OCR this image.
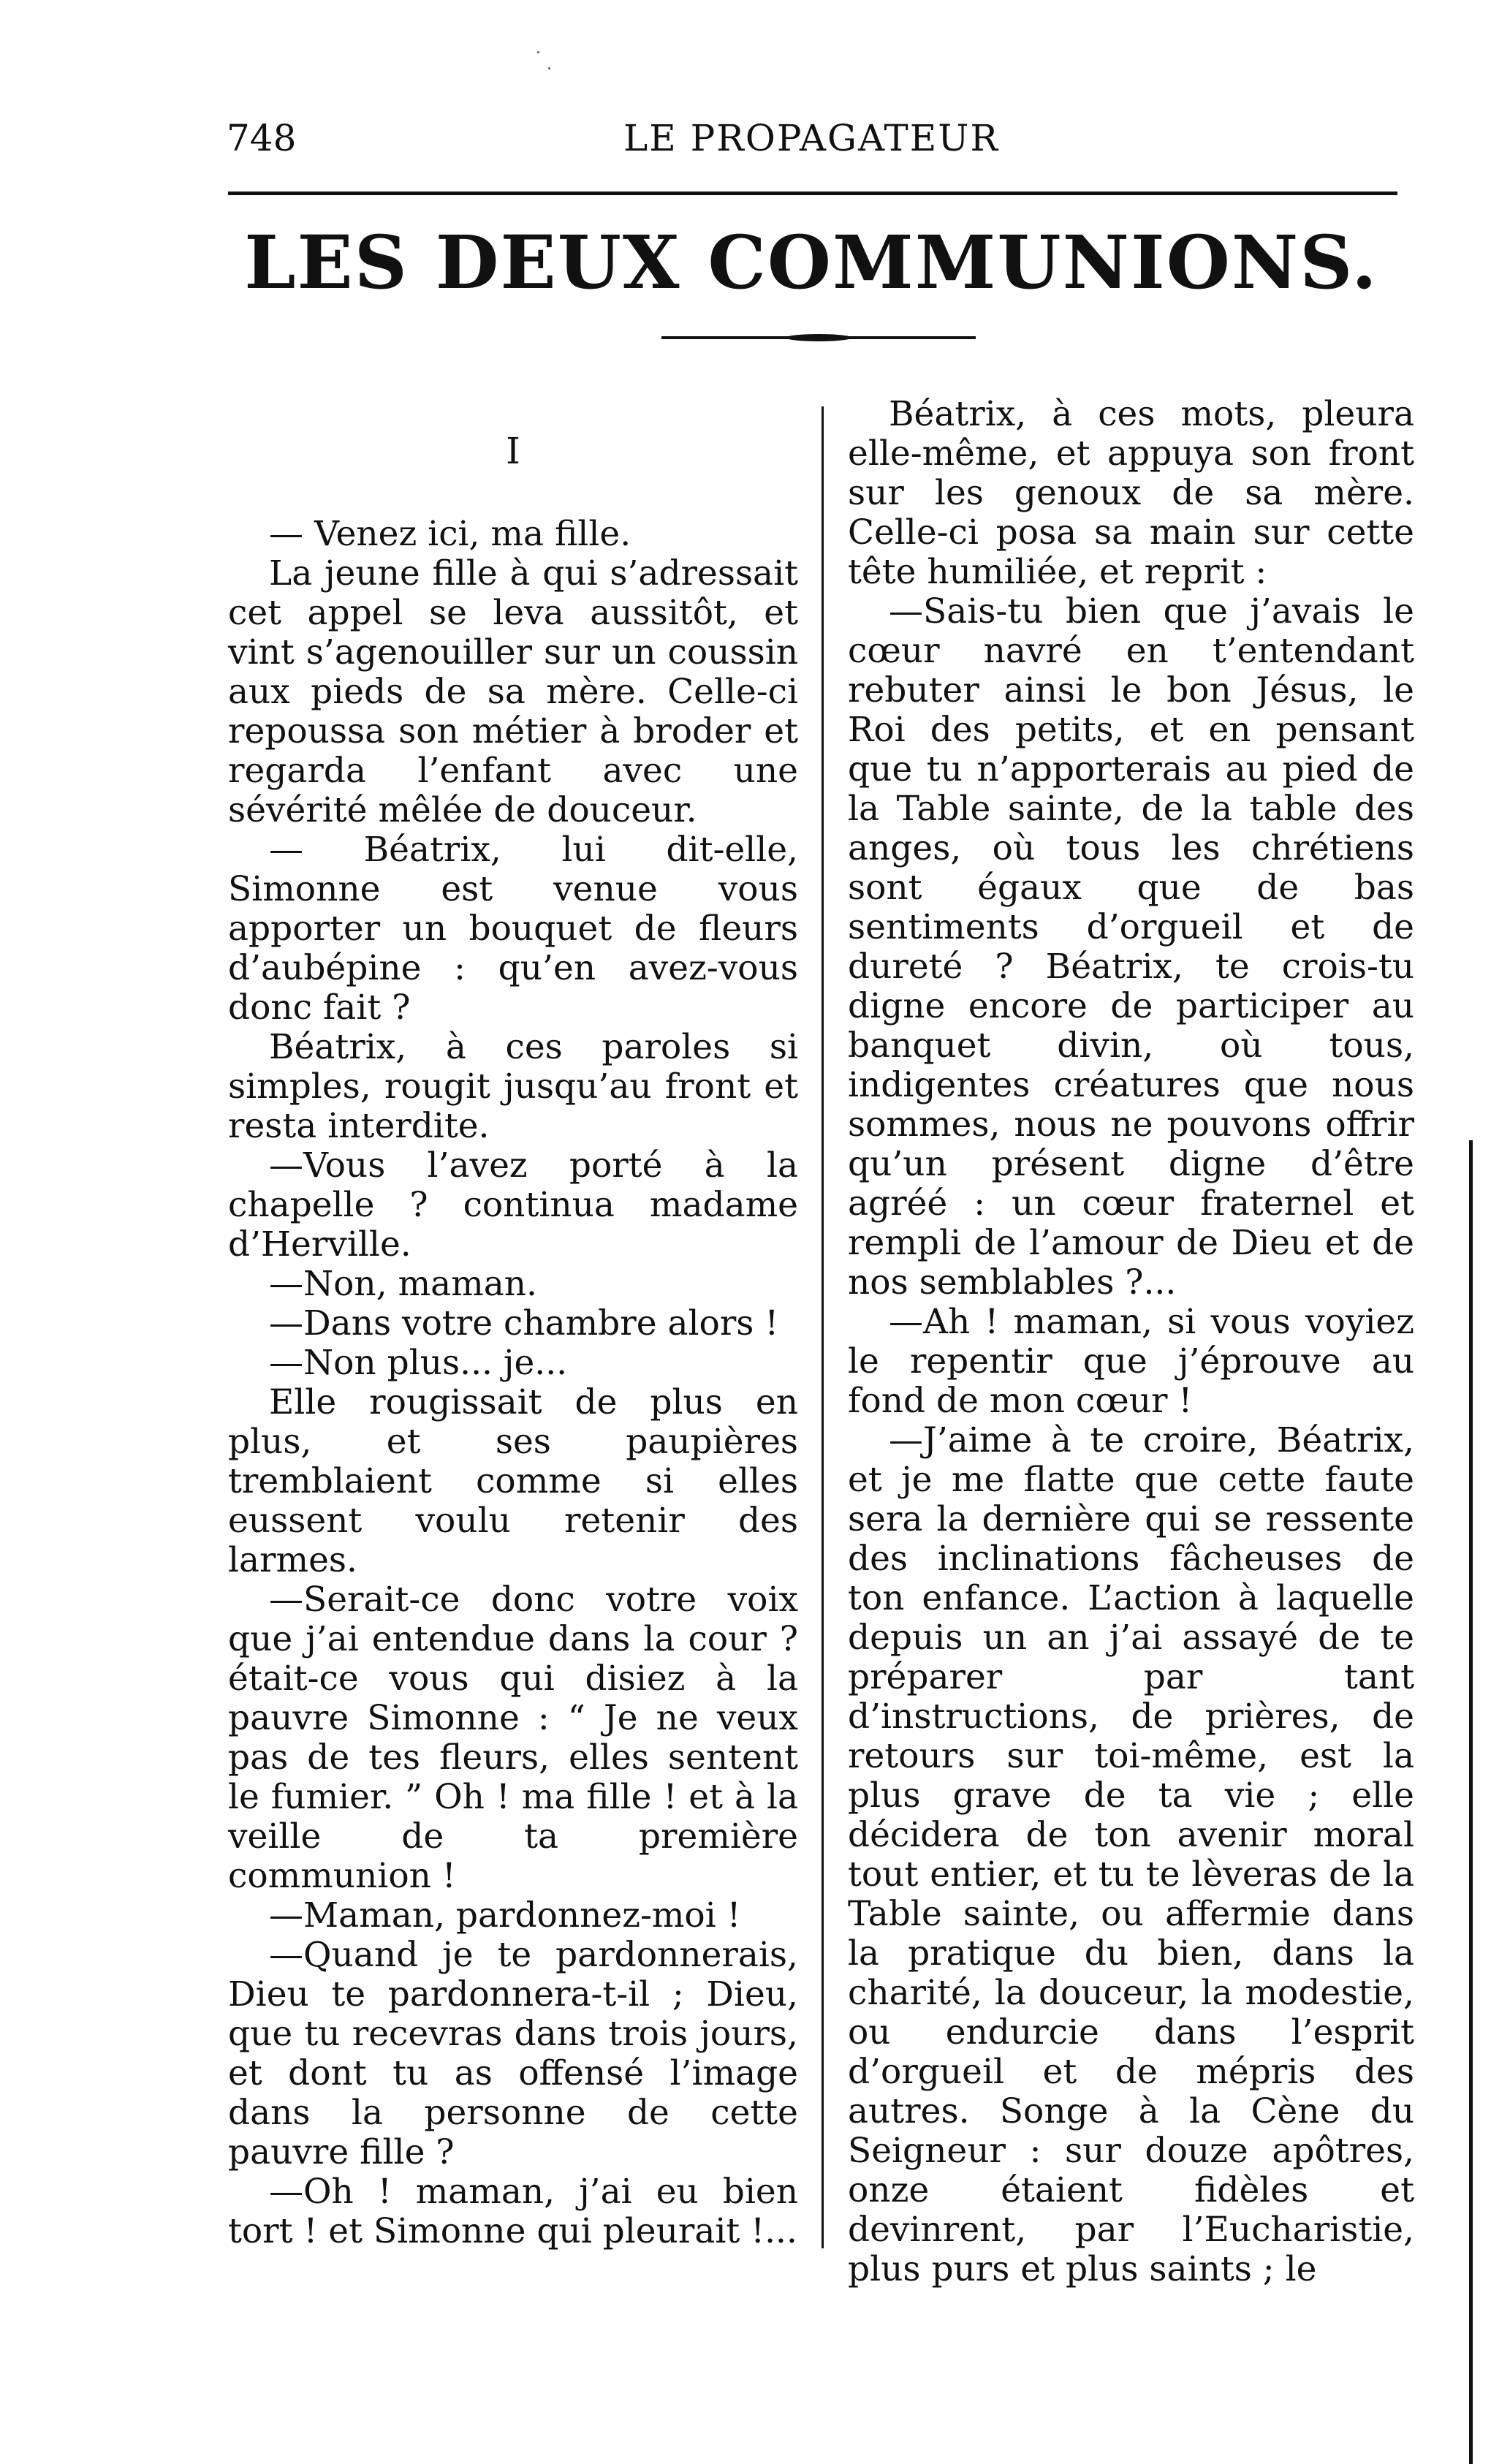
748	LE PROPAGATEUR
LES DEUX COMMUNIONS.
I

— Venez ici, ma fille.

La jeune fille à qui s’adressait cet appel se leva aussitôt, et vint s’agenouiller sur un coussin aux pieds de sa mère. Celle-ci repoussa son métier à broder et regarda l’enfant avec une sévérité mêlée de douceur.

— Béatrix, lui dit-elle, Simonne est venue vous apporter un bouquet de fleurs d’aubépine : qu’en avez-vous donc fait ?

Béatrix, à ces paroles si simples, rougit jusqu’au front et resta interdite.

—Vous l’avez porté à la chapelle ? continua madame d’Herville.

—Non, maman.

—Dans votre chambre alors !

—Non plus... je...

Elle rougissait de plus en plus, et ses paupières tremblaient comme si elles eussent voulu retenir des larmes.

—Serait-ce donc votre voix que j’ai entendue dans la cour ? était-ce vous qui disiez à la pauvre Simonne : “ Je ne veux pas de tes fleurs, elles sentent le fumier. ” Oh ! ma fille ! et à la veille de ta première communion !

—Maman, pardonnez-moi !

—Quand je te pardonnerais, Dieu te pardonnera-t-il ; Dieu, que tu recevras dans trois jours, et dont tu as offensé l’image dans la personne de cette pauvre fille ?

—Oh ! maman, j’ai eu bien tort ! et Simonne qui pleurait !...

Béatrix, à ces mots, pleura elle-même, et appuya son front sur les genoux de sa mère. Celle-ci posa sa main sur cette tête humiliée, et reprit :

—Sais-tu bien que j’avais le cœur navré en t’entendant rebuter ainsi le bon Jésus, le Roi des petits, et en pensant que tu n’apporterais au pied de la Table sainte, de la table des anges, où tous les chrétiens sont égaux que de bas sentiments d’orgueil et de dureté ? Béatrix, te crois-tu digne encore de participer au banquet divin, où tous, indigentes créatures que nous sommes, nous ne pouvons offrir qu’un présent digne d’être agréé : un cœur fraternel et rempli de l’amour de Dieu et de nos semblables ?...

—Ah ! maman, si vous voyiez le repentir que j’éprouve au fond de mon cœur !

—J’aime à te croire, Béatrix, et je me flatte que cette faute sera la dernière qui se ressente des inclinations fâcheuses de ton enfance. L’action à laquelle depuis un an j’ai assayé de te préparer par tant d’instructions, de prières, de retours sur toi-même, est la plus grave de ta vie ; elle décidera de ton avenir moral tout entier, et tu te lèveras de la Table sainte, ou affermie dans la pratique du bien, dans la charité, la douceur, la modestie, ou endurcie dans l’esprit d’orgueil et de mépris des autres. Songe à la Cène du Seigneur : sur douze apôtres, onze étaient fidèles et devinrent, par l’Eucharistie, plus purs et plus saints ; le
